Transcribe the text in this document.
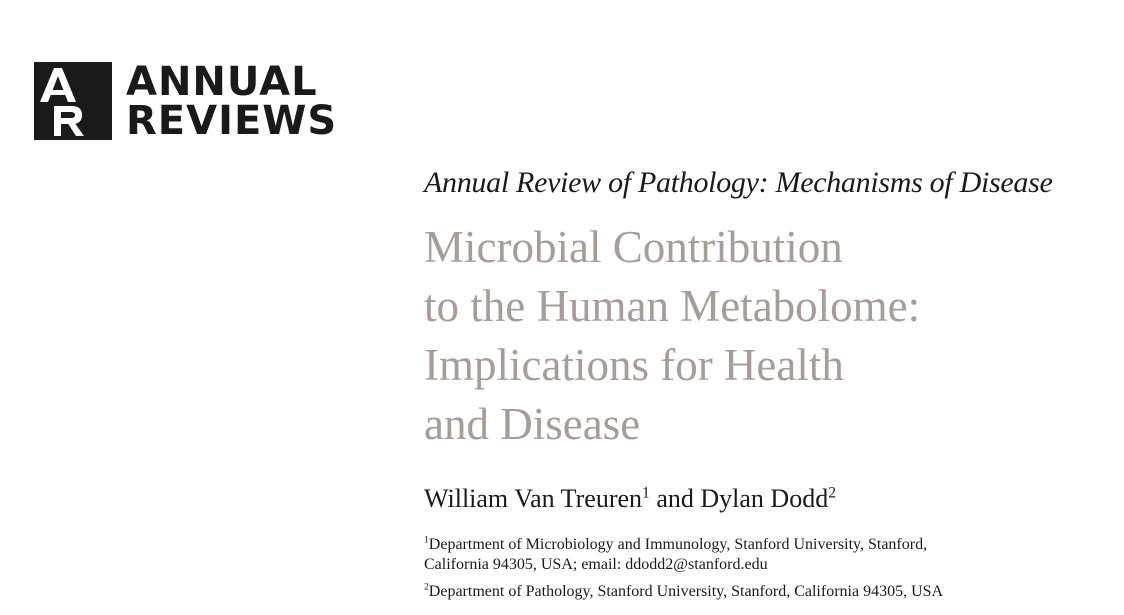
ANNUAL
REVIEWS
Annual Review of Pathology: Mechanisms of Disease
Microbial Contribution
to the Human Metabolome:
Implications for Health
and Disease
William Van Treuren$^1$ and Dylan Dodd$^2$
$^1$Department of Microbiology and Immunology, Stanford University, Stanford, California 94305, USA; email: ddodd2@stanford.edu
$^2$Department of Pathology, Stanford University, Stanford, California 94305, USA
